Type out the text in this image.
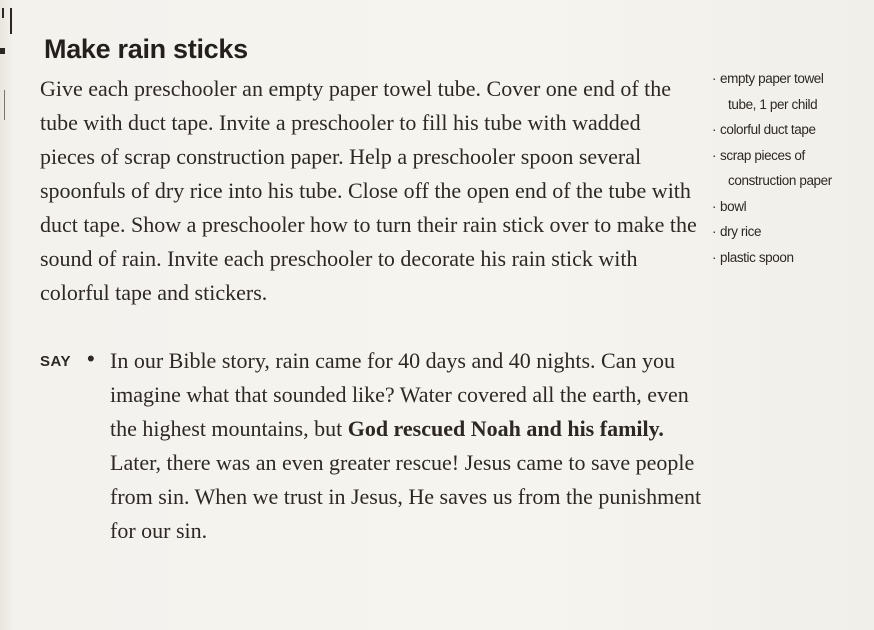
Make rain sticks

Give each preschooler an empty paper towel tube. Cover one end of the tube with duct tape. Invite a preschooler to fill his tube with wadded pieces of scrap construction paper. Help a preschooler spoon several spoonfuls of dry rice into his tube. Close off the open end of the tube with duct tape. Show a preschooler how to turn their rain stick over to make the sound of rain. Invite each preschooler to decorate his rain stick with colorful tape and stickers.

SAY • In our Bible story, rain came for 40 days and 40 nights. Can you imagine what that sounded like? Water covered all the earth, even the highest mountains, but God rescued Noah and his family. Later, there was an even greater rescue! Jesus came to save people from sin. When we trust in Jesus, He saves us from the punishment for our sin.

· empty paper towel
tube, 1 per child
· colorful duct tape
· scrap pieces of
construction paper
· bowl
· dry rice
· plastic spoon
